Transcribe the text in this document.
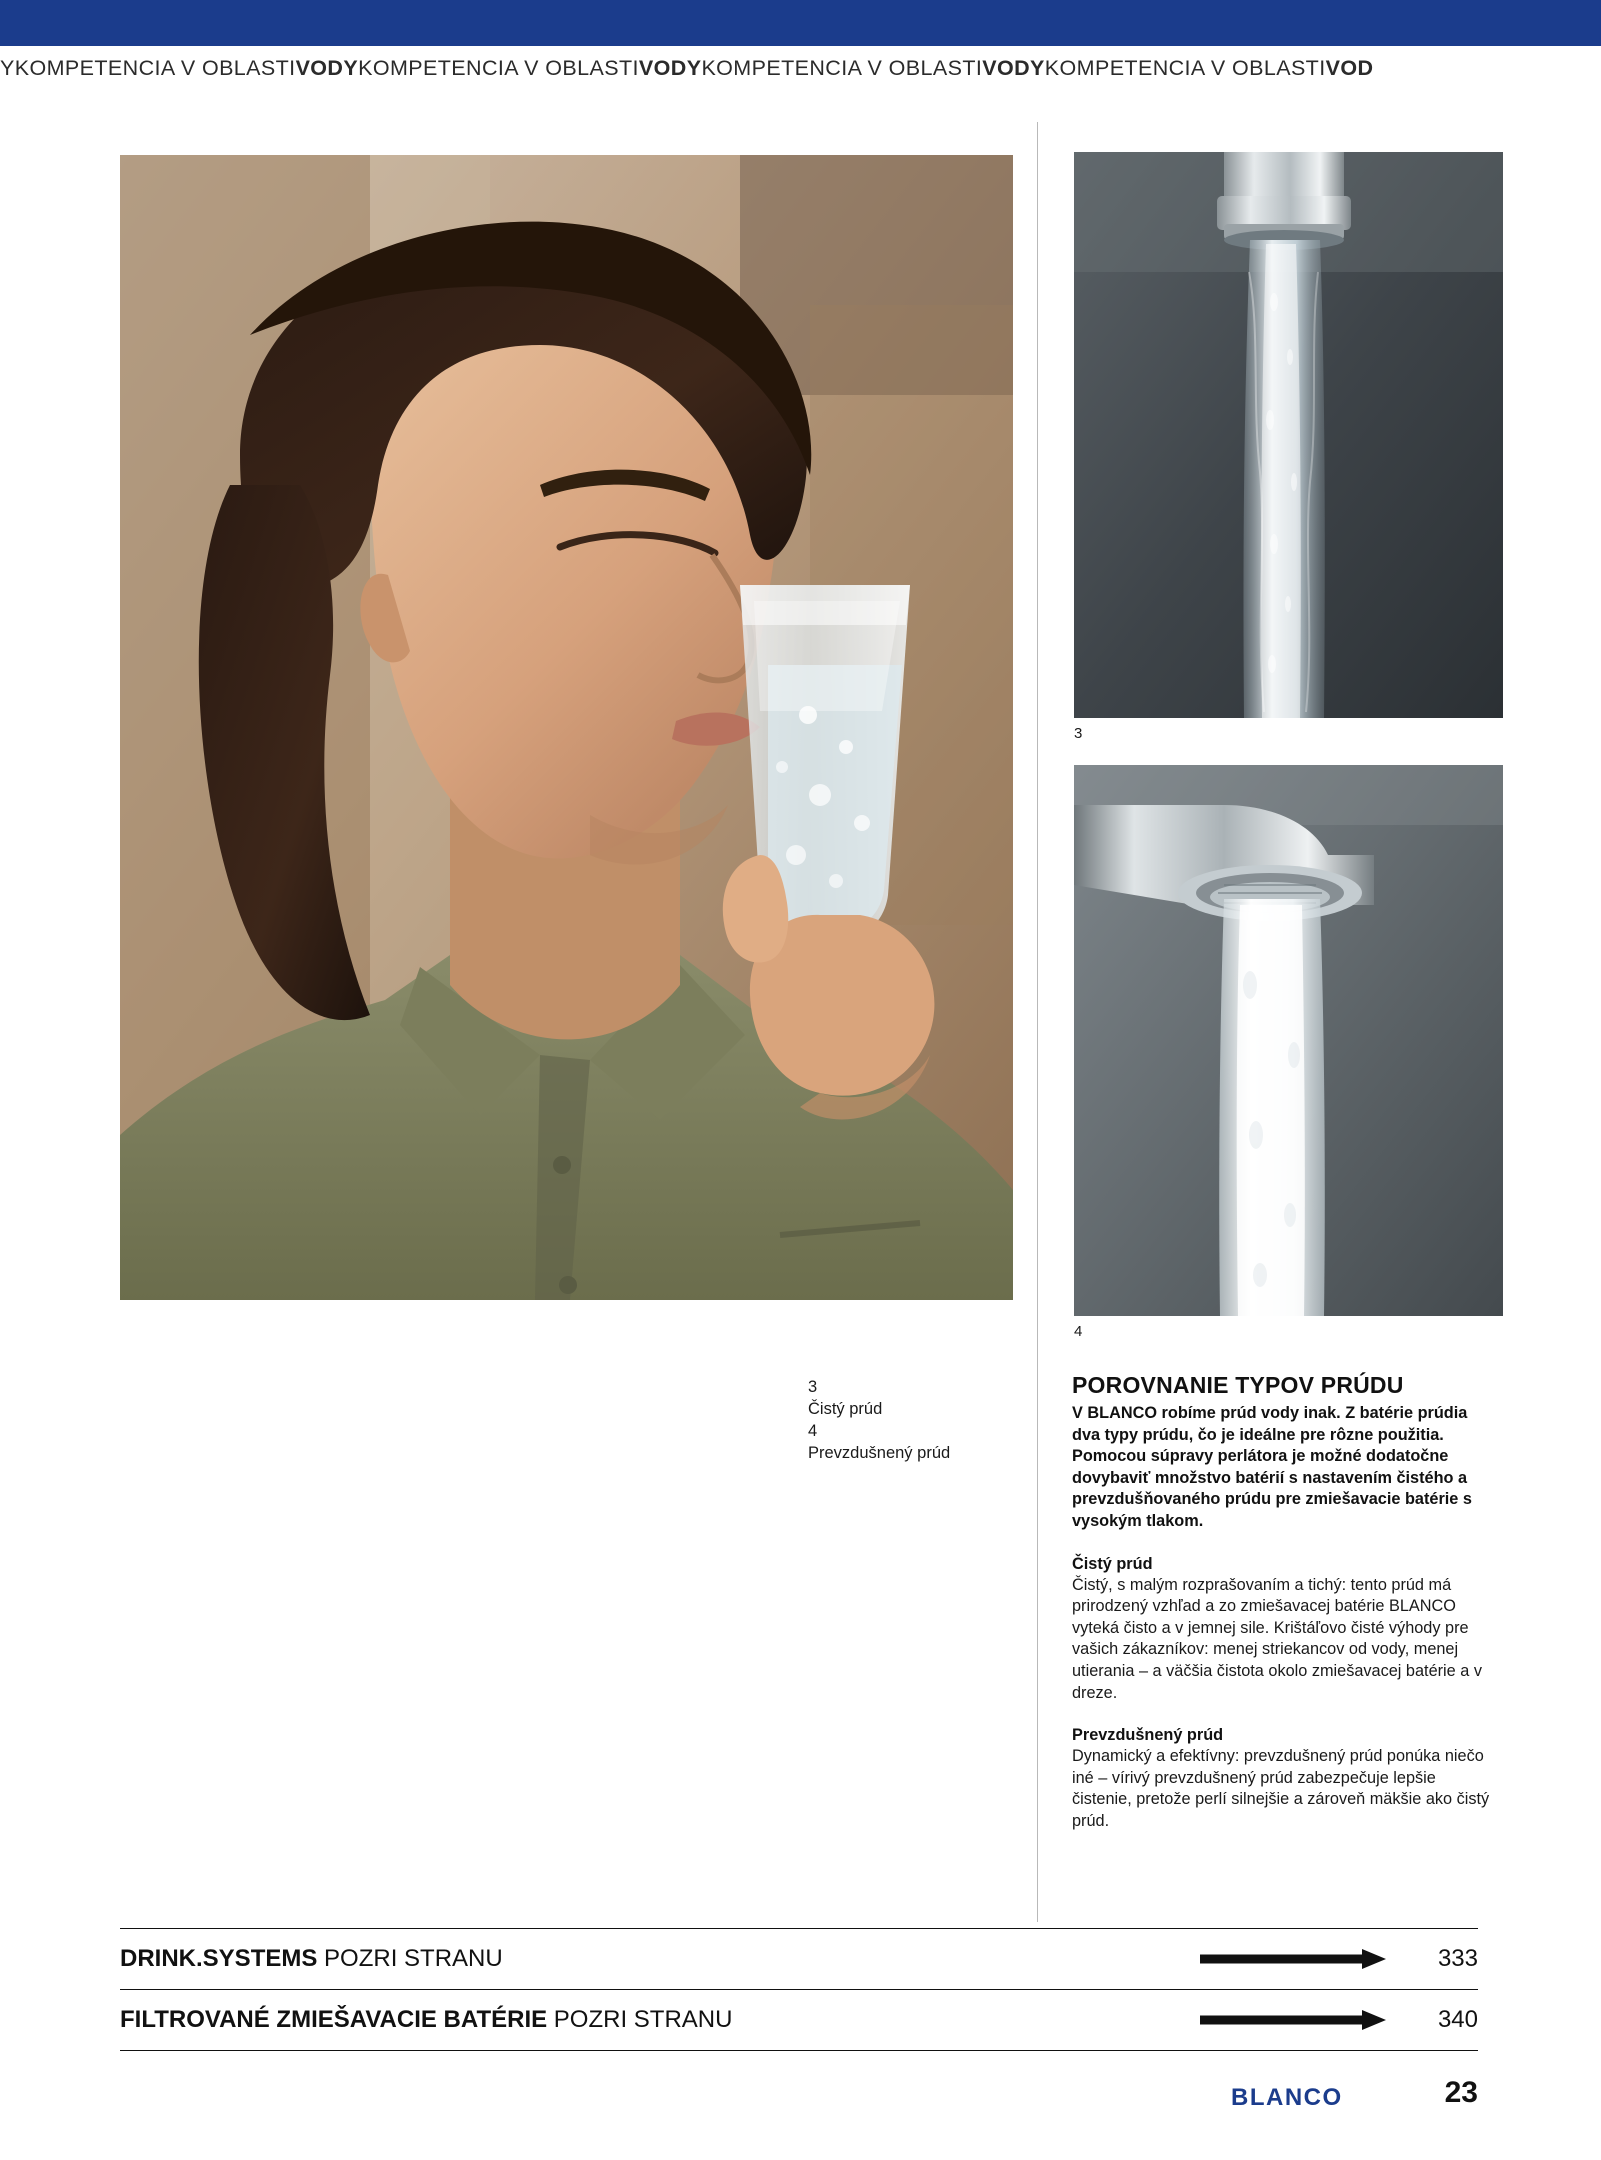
Y KOMPETENCIA V OBLASTI VODY KOMPETENCIA V OBLASTI VODY KOMPETENCIA V OBLASTI VODY KOMPETENCIA V OBLASTI VOD
3
4
3
Čistý prúd
4
Prevzdušnený prúd
POROVNANIE TYPOV PRÚDU

V BLANCO robíme prúd vody inak. Z batérie prúdia dva typy prúdu, čo je ideálne pre rôzne použitia. Pomocou súpravy perlátora je možné dodatočne dovybaviť množstvo batérií s nastavením čistého a prevzdušňovaného prúdu pre zmiešavacie batérie s vysokým tlakom.

Čistý prúd

Čistý, s malým rozprašovaním a tichý: tento prúd má prirodzený vzhľad a zo zmiešavacej batérie BLANCO vyteká čisto a v jemnej sile. Krištáľovo čisté výhody pre vašich zákazníkov: menej striekancov od vody, menej utierania – a väčšia čistota okolo zmiešavacej batérie a v dreze.

Prevzdušnený prúd

Dynamický a efektívny: prevzdušnený prúd ponúka niečo iné – vírivý prevzdušnený prúd zabezpečuje lepšie čistenie, pretože perlí silnejšie a zároveň mäkšie ako čistý prúd.

DRINK.SYSTEMS POZRI STRANU	333
FILTROVANÉ ZMIEŠAVACIE BATÉRIE POZRI STRANU	340
BLANCO	23
